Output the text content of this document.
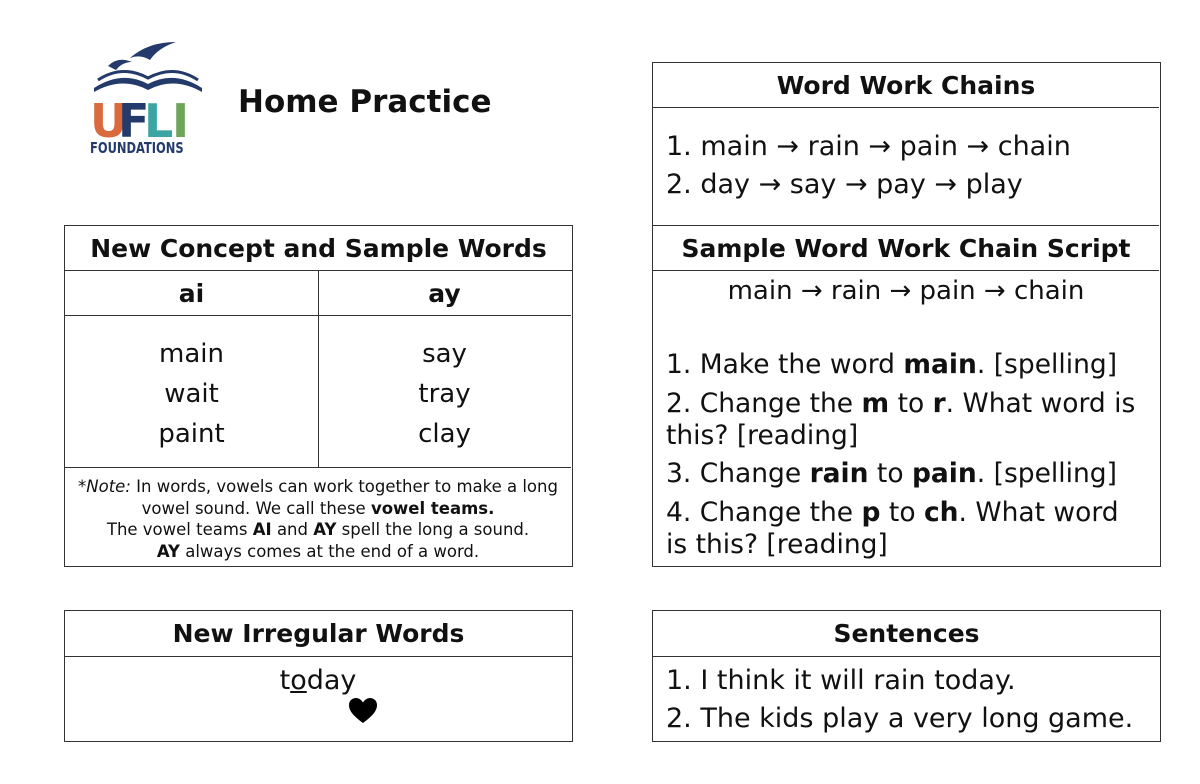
U
F
L
I
FOUNDATIONS
Home Practice
New Concept and Sample Words
ai	ay
main
wait
paint
say
tray
clay
*Note: In words, vowels can work together to make a long vowel sound. We call these vowel teams.
The vowel teams AI and AY spell the long a sound.
AY always comes at the end of a word.
New Irregular Words
today
Word Work Chains
1. main → rain → pain → chain
2. day → say → pay → play
Sample Word Work Chain Script
main → rain → pain → chain
1. Make the word main. [spelling]
2. Change the m to r. What word is this? [reading]
3. Change rain to pain. [spelling]
4. Change the p to ch. What word is this? [reading]
Sentences
1. I think it will rain today.
2. The kids play a very long game.
